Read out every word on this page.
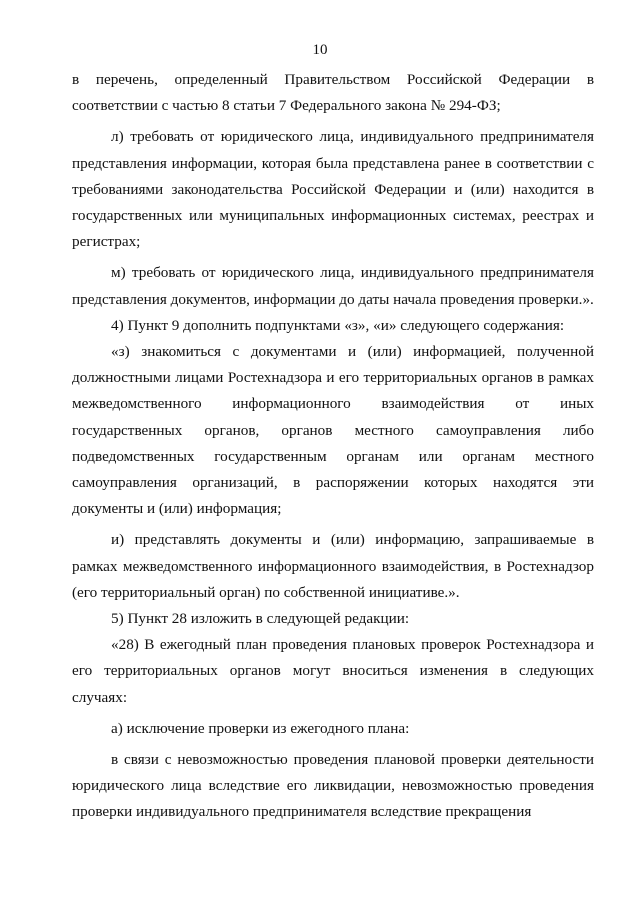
10

в перечень, определенный Правительством Российской Федерации в соответствии с частью 8 статьи 7 Федерального закона № 294-ФЗ;

л) требовать от юридического лица, индивидуального предпринимателя представления информации, которая была представлена ранее в соответствии с требованиями законодательства Российской Федерации и (или) находится в государственных или муниципальных информационных системах, реестрах и регистрах;

м) требовать от юридического лица, индивидуального предпринимателя представления документов, информации до даты начала проведения проверки.».

4) Пункт 9 дополнить подпунктами «з», «и» следующего содержания:

«з) знакомиться с документами и (или) информацией, полученной должностными лицами Ростехнадзора и его территориальных органов в рамках межведомственного информационного взаимодействия от иных государственных органов, органов местного самоуправления либо подведомственных государственным органам или органам местного самоуправления организаций, в распоряжении которых находятся эти документы и (или) информация;

и) представлять документы и (или) информацию, запрашиваемые в рамках межведомственного информационного взаимодействия, в Ростехнадзор (его территориальный орган) по собственной инициативе.».

5) Пункт 28 изложить в следующей редакции:

«28) В ежегодный план проведения плановых проверок Ростехнадзора и его территориальных органов могут вноситься изменения в следующих случаях:

а) исключение проверки из ежегодного плана:

в связи с невозможностью проведения плановой проверки деятельности юридического лица вследствие его ликвидации, невозможностью проведения проверки индивидуального предпринимателя вследствие прекращения
